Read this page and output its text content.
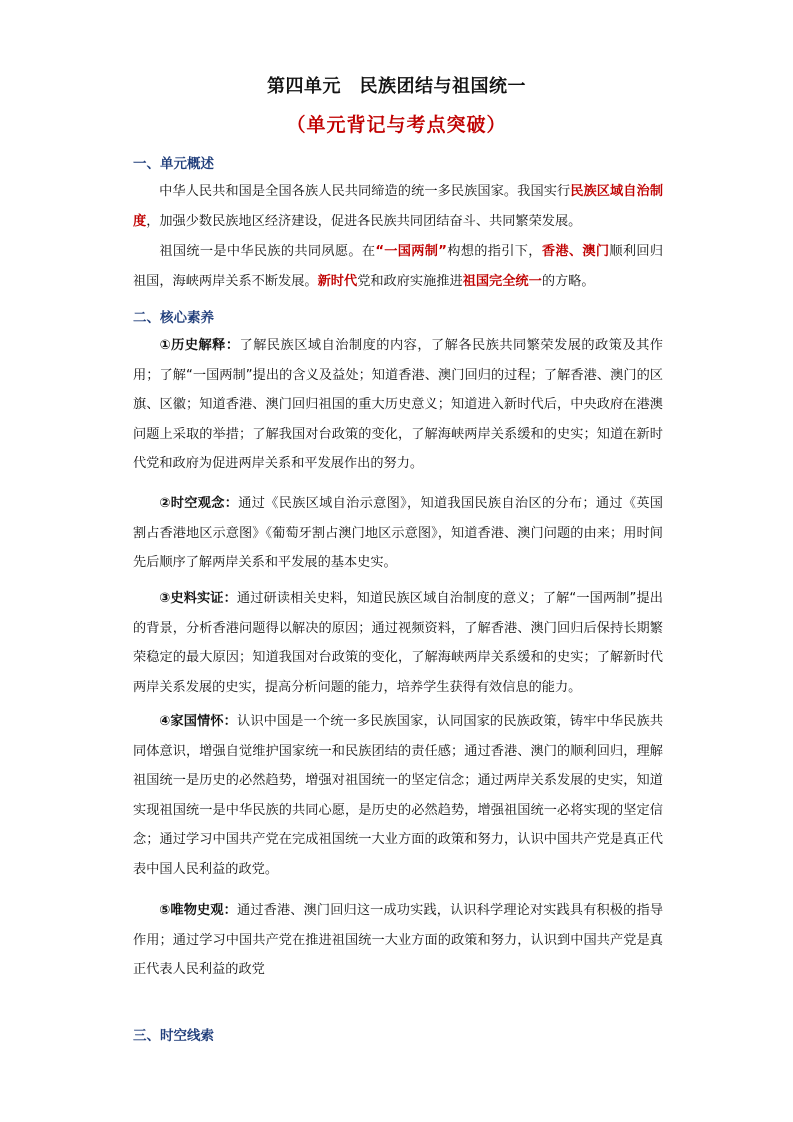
第四单元　民族团结与祖国统一
（单元背记与考点突破）
一、单元概述
中华人民共和国是全国各族人民共同缔造的统一多民族国家。我国实行民族区域自治制度，加强少数民族地区经济建设，促进各民族共同团结奋斗、共同繁荣发展。
祖国统一是中华民族的共同夙愿。在“一国两制”构想的指引下，香港、澳门顺利回归祖国，海峡两岸关系不断发展。新时代党和政府实施推进祖国完全统一的方略。
二、核心素养
①历史解释：了解民族区域自治制度的内容，了解各民族共同繁荣发展的政策及其作用；了解“一国两制”提出的含义及益处；知道香港、澳门回归的过程；了解香港、澳门的区旗、区徽；知道香港、澳门回归祖国的重大历史意义；知道进入新时代后，中央政府在港澳问题上采取的举措；了解我国对台政策的变化，了解海峡两岸关系缓和的史实；知道在新时代党和政府为促进两岸关系和平发展作出的努力。
②时空观念：通过《民族区域自治示意图》，知道我国民族自治区的分布；通过《英国割占香港地区示意图》《葡萄牙割占澳门地区示意图》，知道香港、澳门问题的由来；用时间先后顺序了解两岸关系和平发展的基本史实。
③史料实证：通过研读相关史料，知道民族区域自治制度的意义；了解“一国两制”提出的背景，分析香港问题得以解决的原因；通过视频资料，了解香港、澳门回归后保持长期繁荣稳定的最大原因；知道我国对台政策的变化，了解海峡两岸关系缓和的史实；了解新时代两岸关系发展的史实，提高分析问题的能力，培养学生获得有效信息的能力。
④家国情怀：认识中国是一个统一多民族国家，认同国家的民族政策，铸牢中华民族共同体意识，增强自觉维护国家统一和民族团结的责任感；通过香港、澳门的顺利回归，理解祖国统一是历史的必然趋势，增强对祖国统一的坚定信念；通过两岸关系发展的史实，知道实现祖国统一是中华民族的共同心愿，是历史的必然趋势，增强祖国统一必将实现的坚定信念；通过学习中国共产党在完成祖国统一大业方面的政策和努力，认识中国共产党是真正代表中国人民利益的政党。
⑤唯物史观：通过香港、澳门回归这一成功实践，认识科学理论对实践具有积极的指导作用；通过学习中国共产党在推进祖国统一大业方面的政策和努力，认识到中国共产党是真正代表人民利益的政党
三、时空线索
